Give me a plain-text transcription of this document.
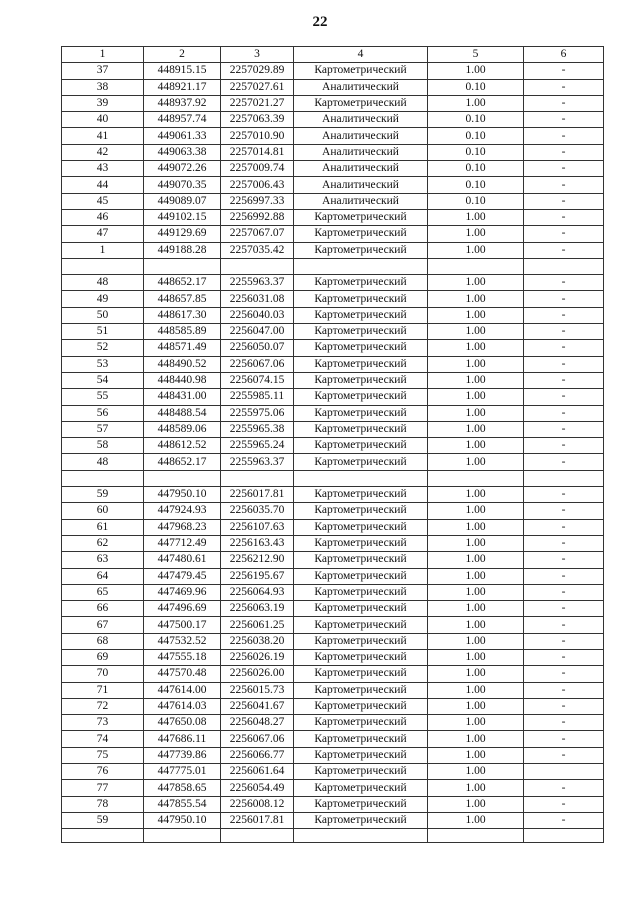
22
1	2	3	4	5	6
37	448915.15	2257029.89	Картометрический	1.00	-
38	448921.17	2257027.61	Аналитический	0.10	-
39	448937.92	2257021.27	Картометрический	1.00	-
40	448957.74	2257063.39	Аналитический	0.10	-
41	449061.33	2257010.90	Аналитический	0.10	-
42	449063.38	2257014.81	Аналитический	0.10	-
43	449072.26	2257009.74	Аналитический	0.10	-
44	449070.35	2257006.43	Аналитический	0.10	-
45	449089.07	2256997.33	Аналитический	0.10	-
46	449102.15	2256992.88	Картометрический	1.00	-
47	449129.69	2257067.07	Картометрический	1.00	-
1	449188.28	2257035.42	Картометрический	1.00	-

48	448652.17	2255963.37	Картометрический	1.00	-
49	448657.85	2256031.08	Картометрический	1.00	-
50	448617.30	2256040.03	Картометрический	1.00	-
51	448585.89	2256047.00	Картометрический	1.00	-
52	448571.49	2256050.07	Картометрический	1.00	-
53	448490.52	2256067.06	Картометрический	1.00	-
54	448440.98	2256074.15	Картометрический	1.00	-
55	448431.00	2255985.11	Картометрический	1.00	-
56	448488.54	2255975.06	Картометрический	1.00	-
57	448589.06	2255965.38	Картометрический	1.00	-
58	448612.52	2255965.24	Картометрический	1.00	-
48	448652.17	2255963.37	Картометрический	1.00	-

59	447950.10	2256017.81	Картометрический	1.00	-
60	447924.93	2256035.70	Картометрический	1.00	-
61	447968.23	2256107.63	Картометрический	1.00	-
62	447712.49	2256163.43	Картометрический	1.00	-
63	447480.61	2256212.90	Картометрический	1.00	-
64	447479.45	2256195.67	Картометрический	1.00	-
65	447469.96	2256064.93	Картометрический	1.00	-
66	447496.69	2256063.19	Картометрический	1.00	-
67	447500.17	2256061.25	Картометрический	1.00	-
68	447532.52	2256038.20	Картометрический	1.00	-
69	447555.18	2256026.19	Картометрический	1.00	-
70	447570.48	2256026.00	Картометрический	1.00	-
71	447614.00	2256015.73	Картометрический	1.00	-
72	447614.03	2256041.67	Картометрический	1.00	-
73	447650.08	2256048.27	Картометрический	1.00	-
74	447686.11	2256067.06	Картометрический	1.00	-
75	447739.86	2256066.77	Картометрический	1.00	-
76	447775.01	2256061.64	Картометрический	1.00	
77	447858.65	2256054.49	Картометрический	1.00	-
78	447855.54	2256008.12	Картометрический	1.00	-
59	447950.10	2256017.81	Картометрический	1.00	-
